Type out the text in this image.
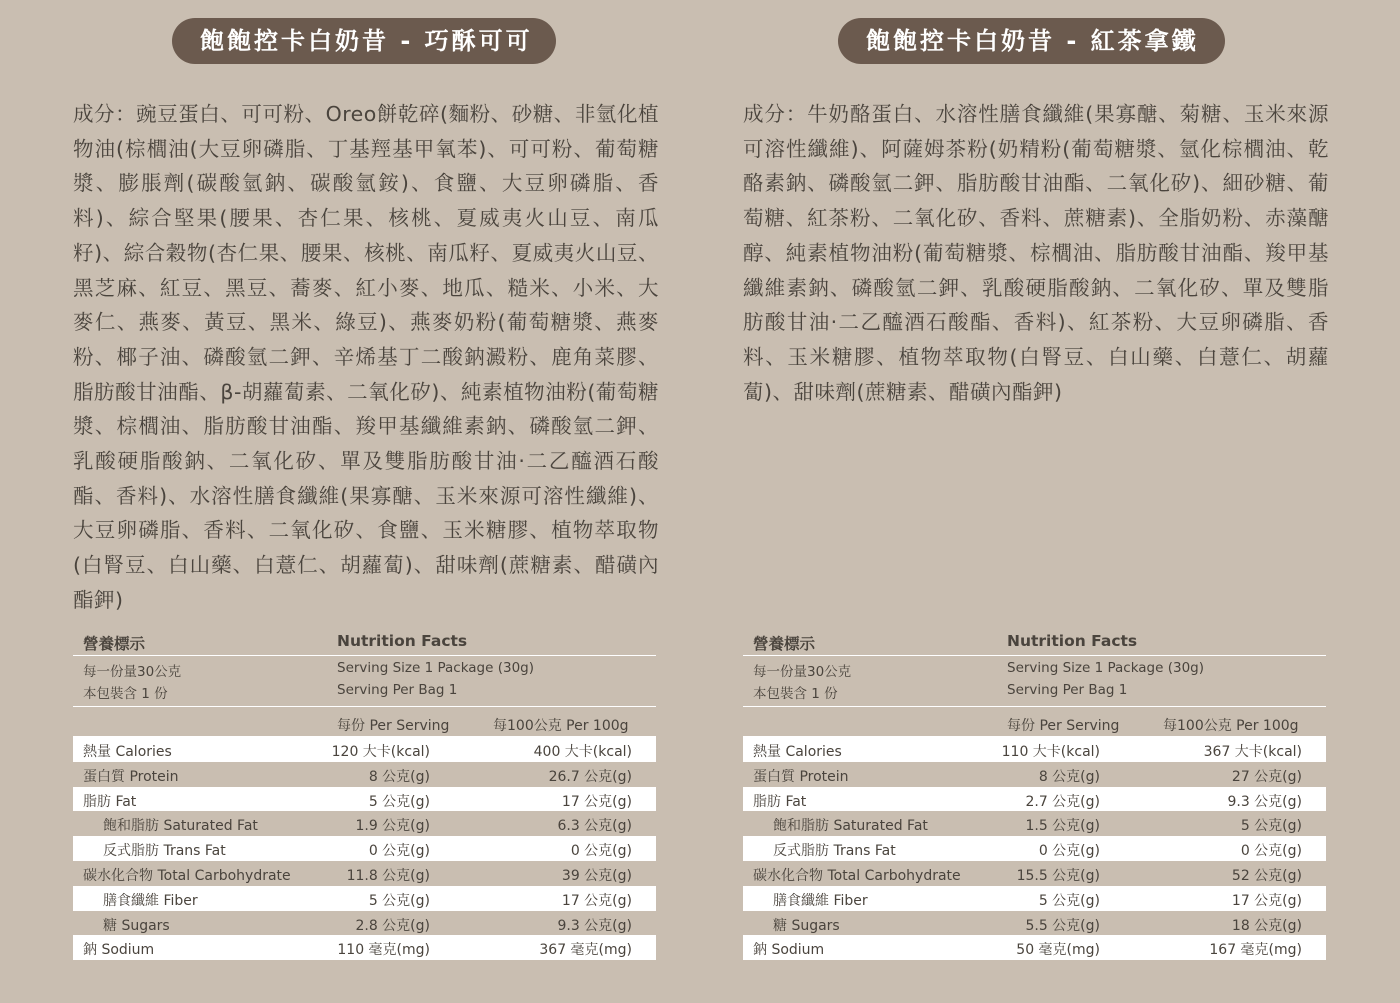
飽飽控卡白奶昔 - 巧酥可可
成分：豌豆蛋白、可可粉、Oreo餅乾碎(麵粉、砂糖、非氫化植物油(棕櫚油(大豆卵磷脂、丁基羥基甲氧苯)、可可粉、葡萄糖漿、膨脹劑(碳酸氫鈉、碳酸氫銨)、食鹽、大豆卵磷脂、香料)、綜合堅果(腰果、杏仁果、核桃、夏威夷火山豆、南瓜籽)、綜合穀物(杏仁果、腰果、核桃、南瓜籽、夏威夷火山豆、黑芝麻、紅豆、黑豆、蕎麥、紅小麥、地瓜、糙米、小米、大麥仁、燕麥、黃豆、黑米、綠豆)、燕麥奶粉(葡萄糖漿、燕麥粉、椰子油、磷酸氫二鉀、辛烯基丁二酸鈉澱粉、鹿角菜膠、脂肪酸甘油酯、β-胡蘿蔔素、二氧化矽)、純素植物油粉(葡萄糖漿、棕櫚油、脂肪酸甘油酯、羧甲基纖維素鈉、磷酸氫二鉀、乳酸硬脂酸鈉、二氧化矽、單及雙脂肪酸甘油·二乙醯酒石酸酯、香料)、水溶性膳食纖維(果寡醣、玉米來源可溶性纖維)、大豆卵磷脂、香料、二氧化矽、食鹽、玉米糖膠、植物萃取物(白腎豆、白山藥、白薏仁、胡蘿蔔)、甜味劑(蔗糖素、醋磺內酯鉀)
營養標示	Nutrition Facts
每一份量30公克
本包裝含 1 份
Serving Size 1 Package (30g)
Serving Per Bag 1
每份 Per Serving	每100公克 Per 100g
熱量 Calories	120 大卡(kcal)	400 大卡(kcal)
蛋白質 Protein	8 公克(g)	26.7 公克(g)
脂肪 Fat	5 公克(g)	17 公克(g)
飽和脂肪 Saturated Fat	1.9 公克(g)	6.3 公克(g)
反式脂肪 Trans Fat	0 公克(g)	0 公克(g)
碳水化合物 Total Carbohydrate	11.8 公克(g)	39 公克(g)
膳食纖維 Fiber	5 公克(g)	17 公克(g)
糖 Sugars	2.8 公克(g)	9.3 公克(g)
鈉 Sodium	110 毫克(mg)	367 毫克(mg)
飽飽控卡白奶昔 - 紅茶拿鐵
成分：牛奶酪蛋白、水溶性膳食纖維(果寡醣、菊糖、玉米來源可溶性纖維)、阿薩姆茶粉(奶精粉(葡萄糖漿、氫化棕櫚油、乾酪素鈉、磷酸氫二鉀、脂肪酸甘油酯、二氧化矽)、細砂糖、葡萄糖、紅茶粉、二氧化矽、香料、蔗糖素)、全脂奶粉、赤藻醣醇、純素植物油粉(葡萄糖漿、棕櫚油、脂肪酸甘油酯、羧甲基纖維素鈉、磷酸氫二鉀、乳酸硬脂酸鈉、二氧化矽、單及雙脂肪酸甘油·二乙醯酒石酸酯、香料)、紅茶粉、大豆卵磷脂、香料、玉米糖膠、植物萃取物(白腎豆、白山藥、白薏仁、胡蘿蔔)、甜味劑(蔗糖素、醋磺內酯鉀)
營養標示	Nutrition Facts
每一份量30公克
本包裝含 1 份
Serving Size 1 Package (30g)
Serving Per Bag 1
每份 Per Serving	每100公克 Per 100g
熱量 Calories	110 大卡(kcal)	367 大卡(kcal)
蛋白質 Protein	8 公克(g)	27 公克(g)
脂肪 Fat	2.7 公克(g)	9.3 公克(g)
飽和脂肪 Saturated Fat	1.5 公克(g)	5 公克(g)
反式脂肪 Trans Fat	0 公克(g)	0 公克(g)
碳水化合物 Total Carbohydrate	15.5 公克(g)	52 公克(g)
膳食纖維 Fiber	5 公克(g)	17 公克(g)
糖 Sugars	5.5 公克(g)	18 公克(g)
鈉 Sodium	50 毫克(mg)	167 毫克(mg)
